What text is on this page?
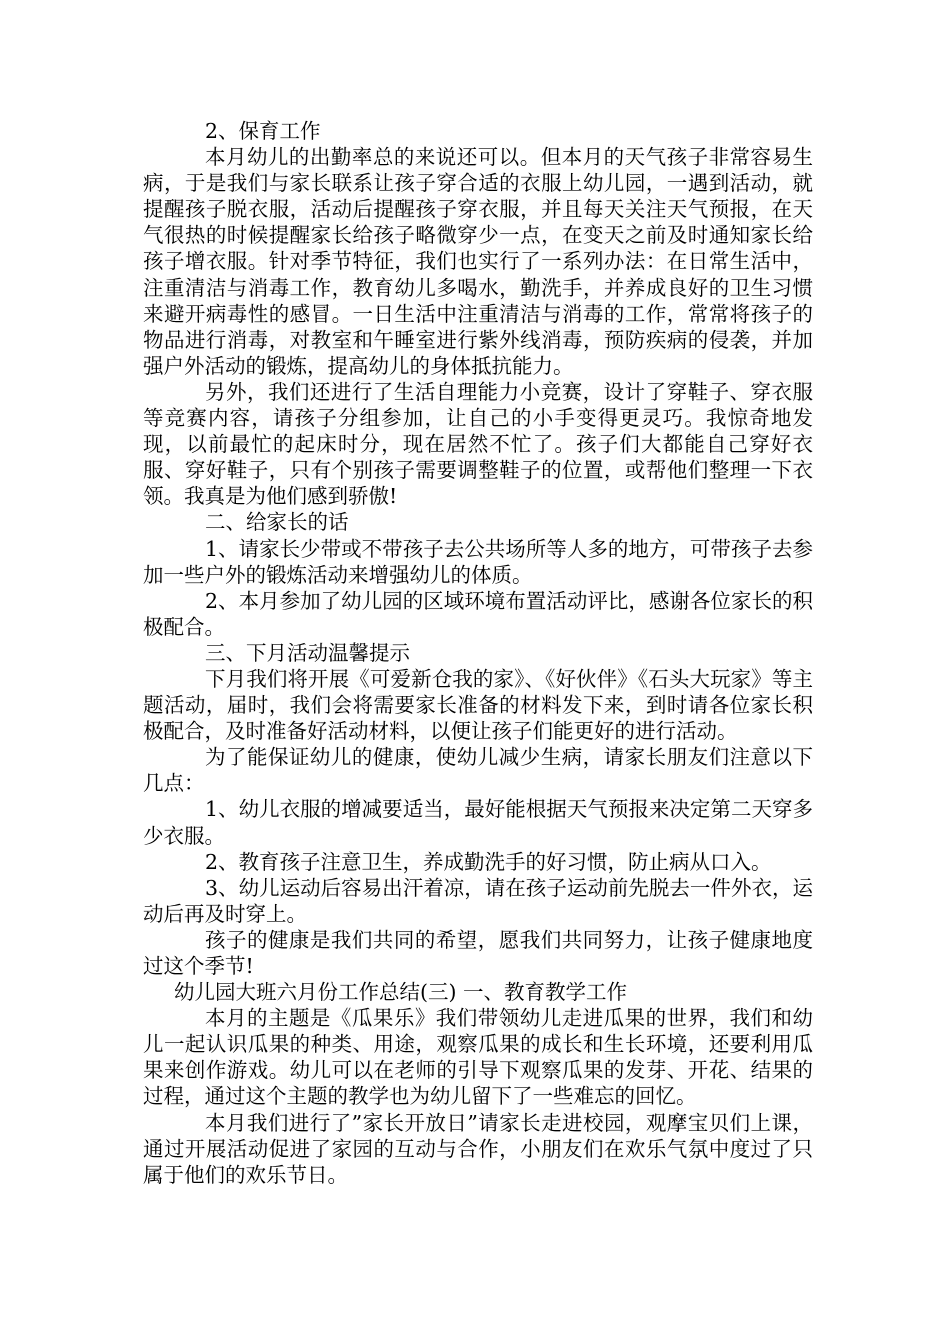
2、保育工作

本月幼儿的出勤率总的来说还可以。但本月的天气孩子非常容易生病，于是我们与家长联系让孩子穿合适的衣服上幼儿园，一遇到活动，就提醒孩子脱衣服，活动后提醒孩子穿衣服，并且每天关注天气预报，在天气很热的时候提醒家长给孩子略微穿少一点，在变天之前及时通知家长给孩子增衣服。针对季节特征，我们也实行了一系列办法：在日常生活中，注重清洁与消毒工作，教育幼儿多喝水，勤洗手，并养成良好的卫生习惯来避开病毒性的感冒。一日生活中注重清洁与消毒的工作，常常将孩子的物品进行消毒，对教室和午睡室进行紫外线消毒，预防疾病的侵袭，并加强户外活动的锻炼，提高幼儿的身体抵抗能力。

另外，我们还进行了生活自理能力小竞赛，设计了穿鞋子、穿衣服等竞赛内容，请孩子分组参加，让自己的小手变得更灵巧。我惊奇地发现，以前最忙的起床时分，现在居然不忙了。孩子们大都能自己穿好衣服、穿好鞋子，只有个别孩子需要调整鞋子的位置，或帮他们整理一下衣领。我真是为他们感到骄傲!

二、给家长的话

1、请家长少带或不带孩子去公共场所等人多的地方，可带孩子去参加一些户外的锻炼活动来增强幼儿的体质。

2、本月参加了幼儿园的区域环境布置活动评比，感谢各位家长的积极配合。

三、下月活动温馨提示

下月我们将开展《可爱新仓我的家》、《好伙伴》《石头大玩家》等主题活动，届时，我们会将需要家长准备的材料发下来，到时请各位家长积极配合，及时准备好活动材料，以便让孩子们能更好的进行活动。

为了能保证幼儿的健康，使幼儿减少生病，请家长朋友们注意以下几点：

1、幼儿衣服的增减要适当，最好能根据天气预报来决定第二天穿多少衣服。

2、教育孩子注意卫生，养成勤洗手的好习惯，防止病从口入。

3、幼儿运动后容易出汗着凉，请在孩子运动前先脱去一件外衣，运动后再及时穿上。

孩子的健康是我们共同的希望，愿我们共同努力，让孩子健康地度过这个季节!

幼儿园大班六月份工作总结(三) 一、教育教学工作

本月的主题是《瓜果乐》我们带领幼儿走进瓜果的世界，我们和幼儿一起认识瓜果的种类、用途，观察瓜果的成长和生长环境，还要利用瓜果来创作游戏。幼儿可以在老师的引导下观察瓜果的发芽、开花、结果的过程，通过这个主题的教学也为幼儿留下了一些难忘的回忆。

本月我们进行了”家长开放日”请家长走进校园，观摩宝贝们上课，通过开展活动促进了家园的互动与合作，小朋友们在欢乐气氛中度过了只属于他们的欢乐节日。
